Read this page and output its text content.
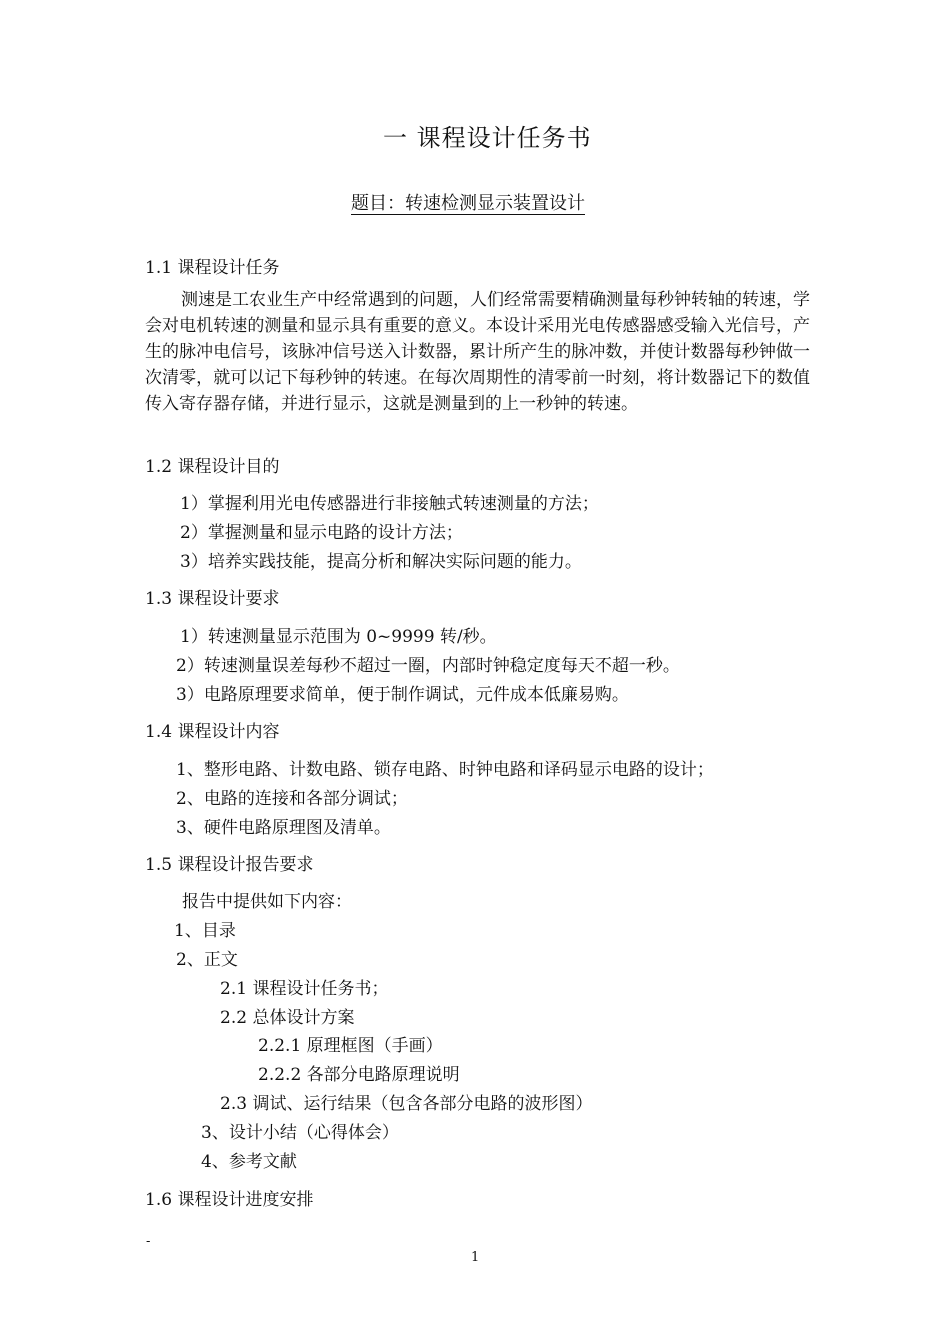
一 课程设计任务书
题目：转速检测显示装置设计
1.1 课程设计任务
测速是工农业生产中经常遇到的问题，人们经常需要精确测量每秒钟转轴的转速，学会对电机转速的测量和显示具有重要的意义。本设计采用光电传感器感受输入光信号，产生的脉冲电信号，该脉冲信号送入计数器，累计所产生的脉冲数，并使计数器每秒钟做一次清零，就可以记下每秒钟的转速。在每次周期性的清零前一时刻，将计数器记下的数值传入寄存器存储，并进行显示，这就是测量到的上一秒钟的转速。
1.2 课程设计目的
1）掌握利用光电传感器进行非接触式转速测量的方法；
2）掌握测量和显示电路的设计方法；
3）培养实践技能，提高分析和解决实际问题的能力。
1.3 课程设计要求
1）转速测量显示范围为 0~9999 转/秒。
2）转速测量误差每秒不超过一圈，内部时钟稳定度每天不超一秒。
3）电路原理要求简单，便于制作调试，元件成本低廉易购。
1.4 课程设计内容
1、整形电路、计数电路、锁存电路、时钟电路和译码显示电路的设计；
2、电路的连接和各部分调试；
3、硬件电路原理图及清单。
1.5 课程设计报告要求
报告中提供如下内容：
1、目录
2、正文
2.1 课程设计任务书；
2.2 总体设计方案
2.2.1 原理框图（手画）
2.2.2 各部分电路原理说明
2.3 调试、运行结果（包含各部分电路的波形图）
3、设计小结（心得体会）
4、参考文献
1.6 课程设计进度安排
-
1
